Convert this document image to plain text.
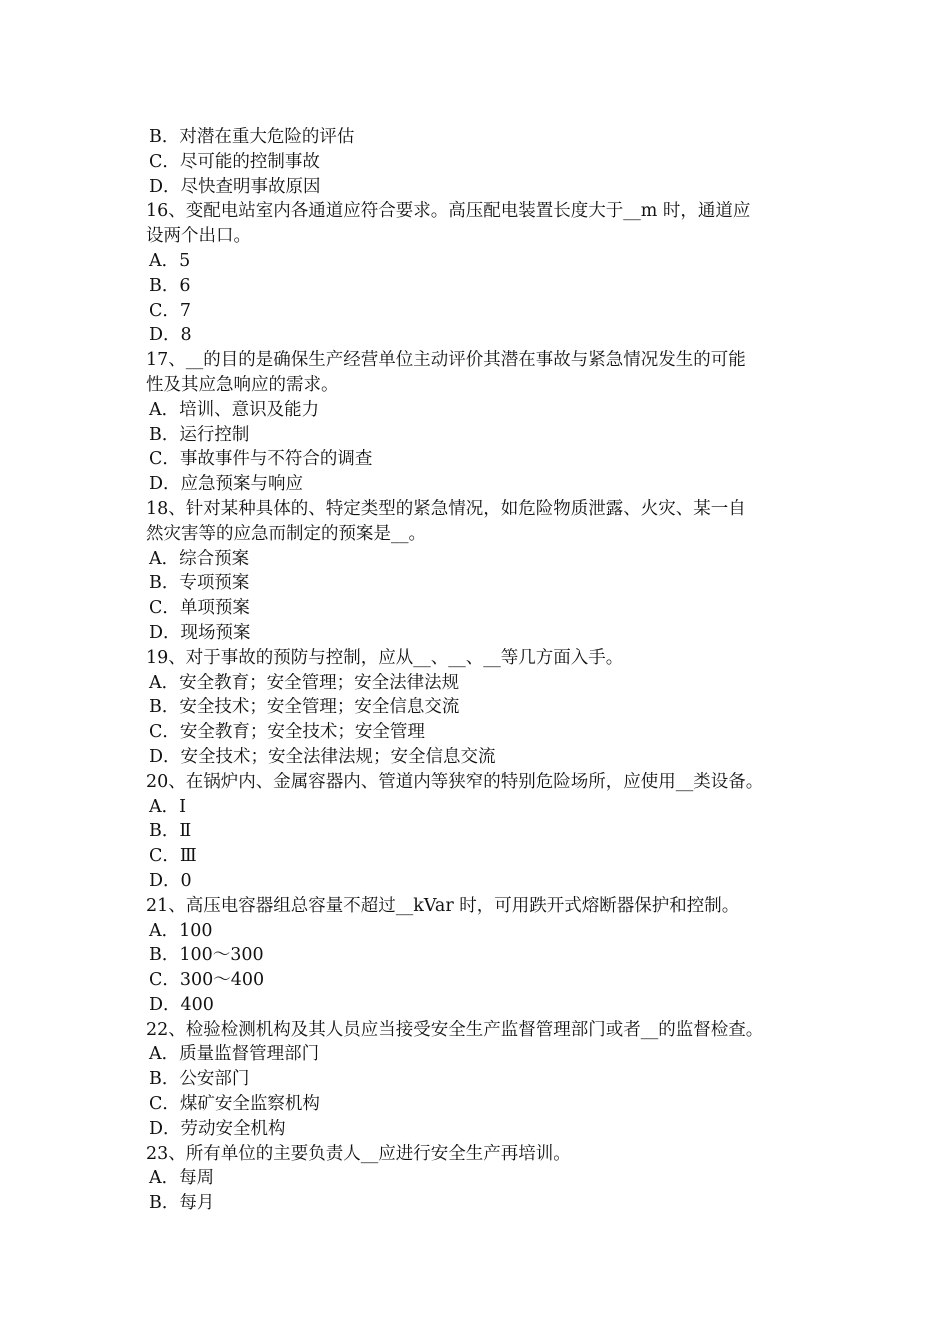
B．对潜在重大危险的评估
C．尽可能的控制事故
D．尽快查明事故原因
16、变配电站室内各通道应符合要求。高压配电装置长度大于__m 时，通道应
设两个出口。
A．5
B．6
C．7
D．8
17、__的目的是确保生产经营单位主动评价其潜在事故与紧急情况发生的可能
性及其应急响应的需求。
A．培训、意识及能力
B．运行控制
C．事故事件与不符合的调查
D．应急预案与响应
18、针对某种具体的、特定类型的紧急情况，如危险物质泄露、火灾、某一自
然灾害等的应急而制定的预案是__。
A．综合预案
B．专项预案
C．单项预案
D．现场预案
19、对于事故的预防与控制，应从__、__、__等几方面入手。
A．安全教育；安全管理；安全法律法规
B．安全技术；安全管理；安全信息交流
C．安全教育；安全技术；安全管理
D．安全技术；安全法律法规；安全信息交流
20、在锅炉内、金属容器内、管道内等狭窄的特别危险场所，应使用__类设备。
A．Ⅰ
B．Ⅱ
C．Ⅲ
D．0
21、高压电容器组总容量不超过__kVar 时，可用跌开式熔断器保护和控制。
A．100
B．100～300
C．300～400
D．400
22、检验检测机构及其人员应当接受安全生产监督管理部门或者__的监督检查。
A．质量监督管理部门
B．公安部门
C．煤矿安全监察机构
D．劳动安全机构
23、所有单位的主要负责人__应进行安全生产再培训。
A．每周
B．每月
